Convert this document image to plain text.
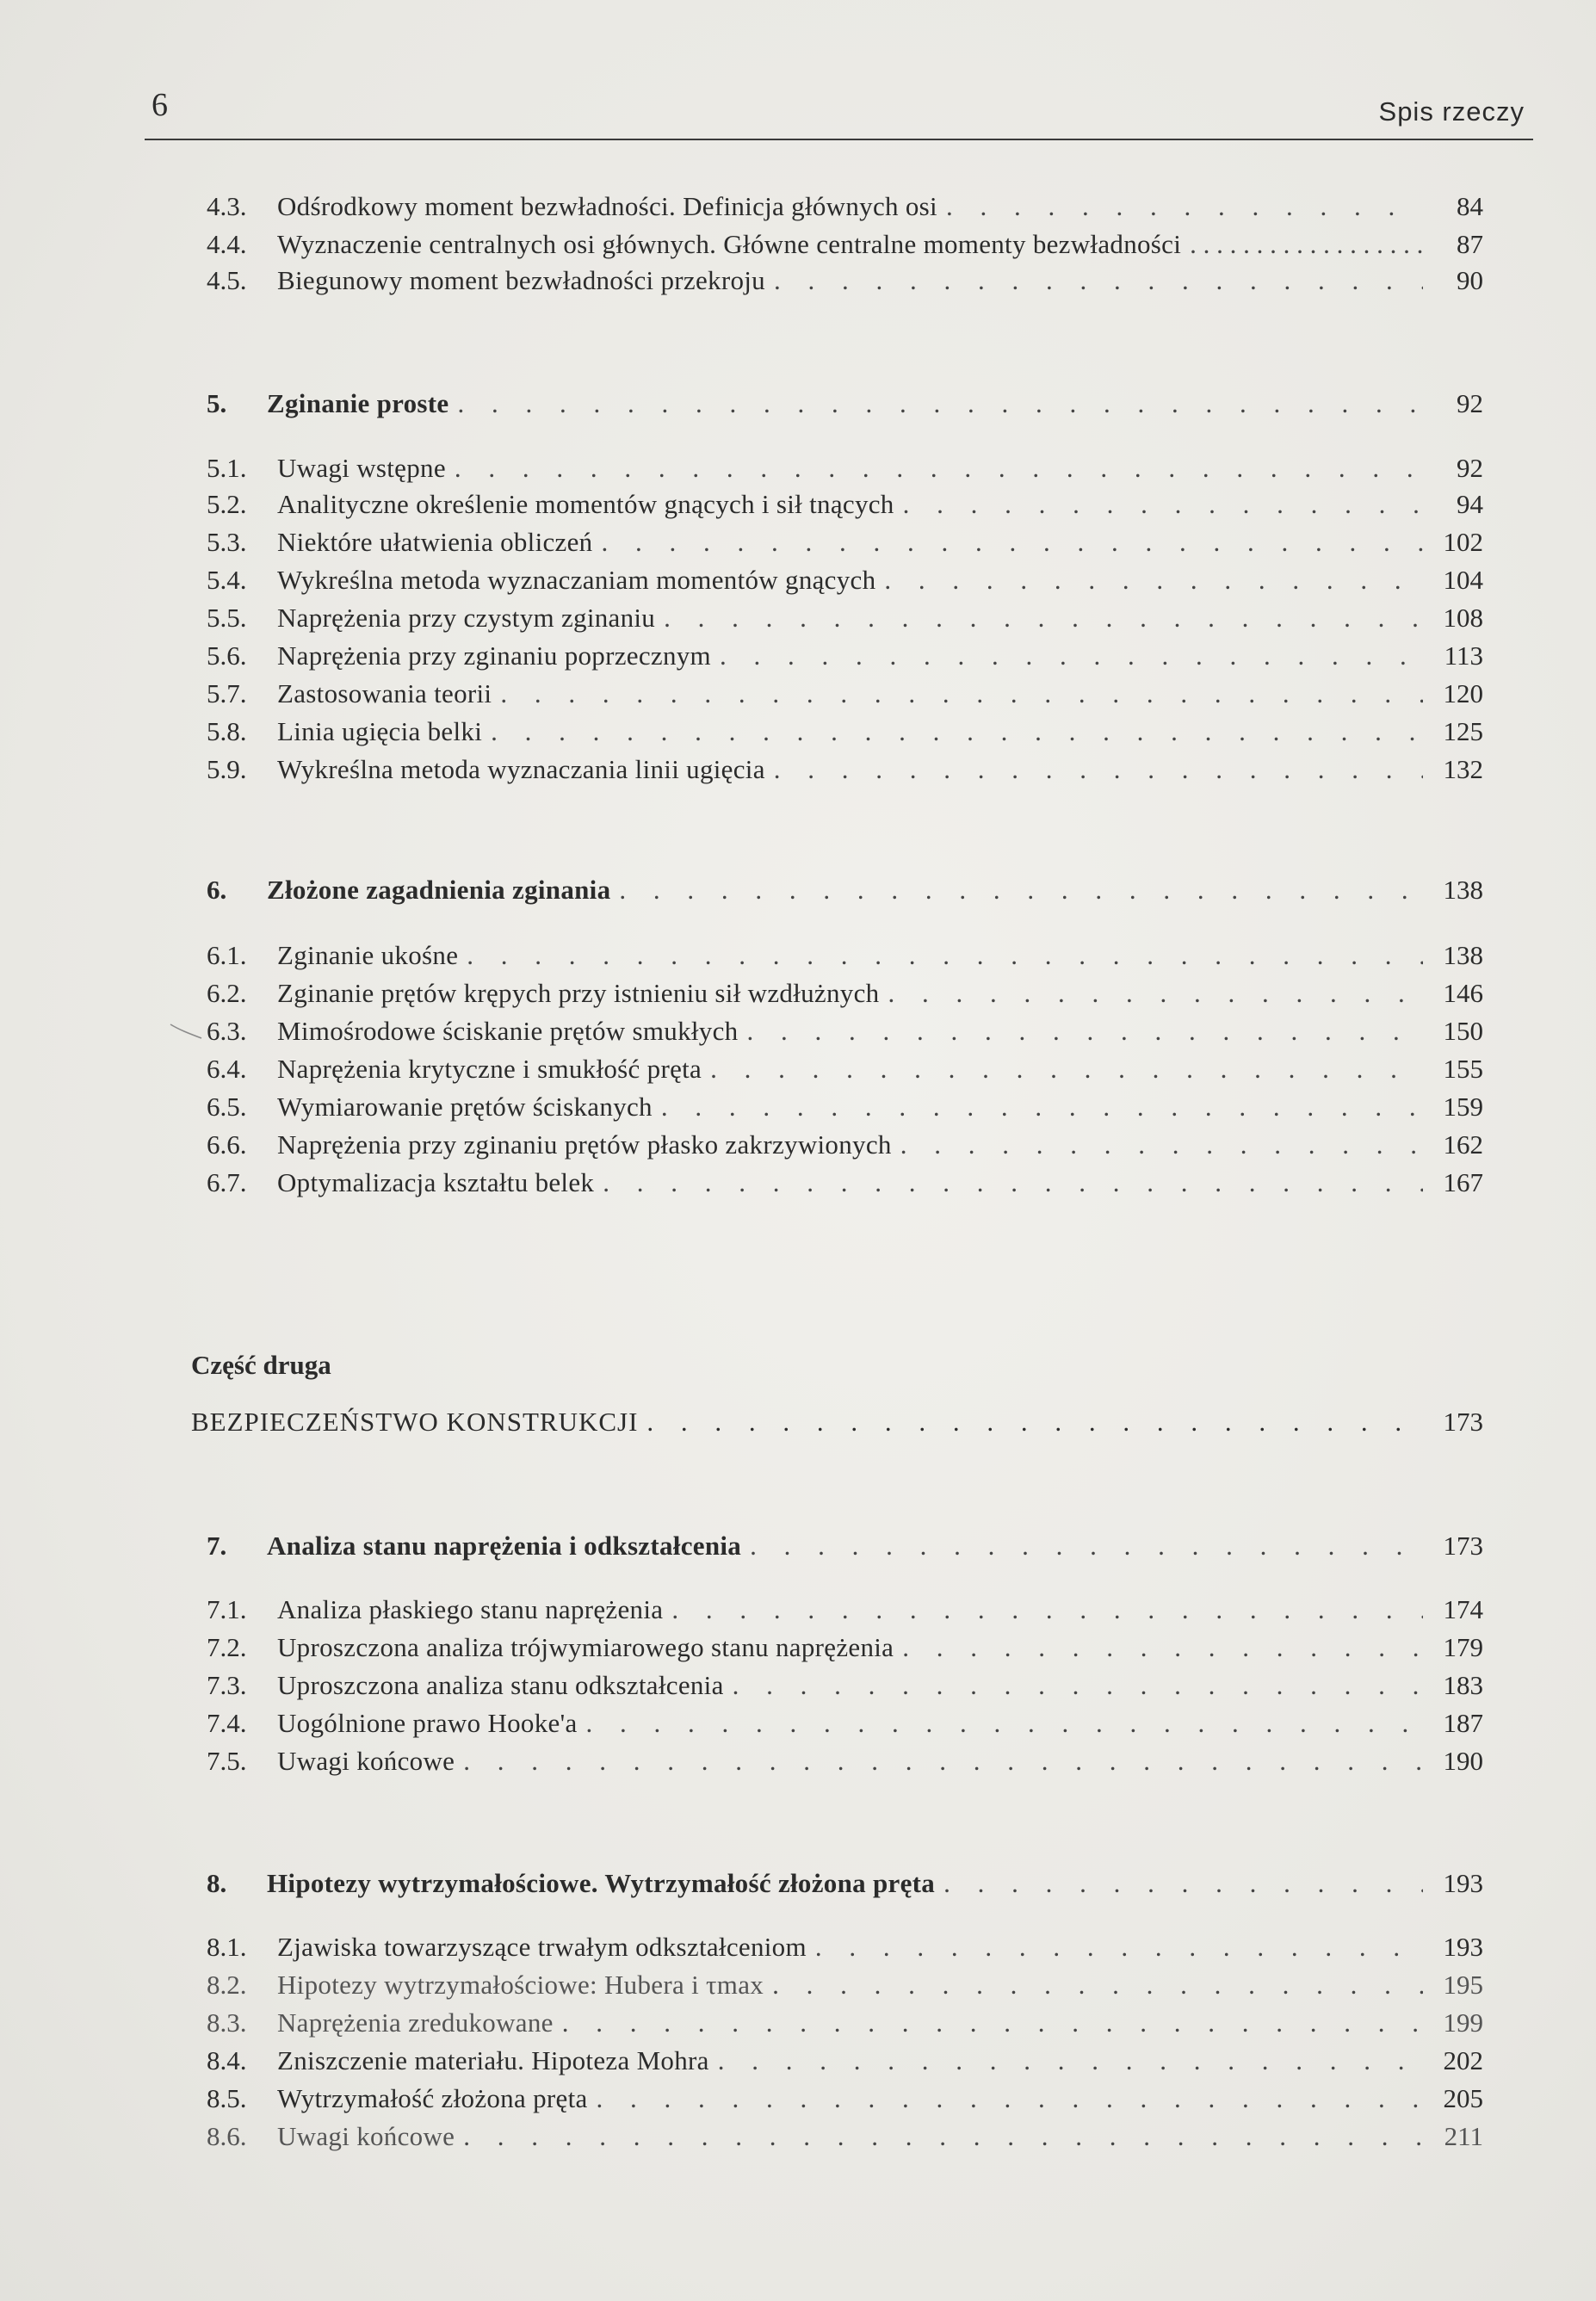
6	Spis rzeczy
4.3.	Odśrodkowy moment bezwładności. Definicja głównych osi . . .	84
4.4.	Wyznaczenie centralnych osi głównych. Główne centralne momenty bezwładności . . .	87
4.5.	Biegunowy moment bezwładności przekroju . . .	90
5.	Zginanie proste . . .	92
5.1.	Uwagi wstępne . . .	92
5.2.	Analityczne określenie momentów gnących i sił tnących . . .	94
5.3.	Niektóre ułatwienia obliczeń . . .	102
5.4.	Wykreślna metoda wyznaczaniam momentów gnących . . .	104
5.5.	Naprężenia przy czystym zginaniu . . .	108
5.6.	Naprężenia przy zginaniu poprzecznym . . .	113
5.7.	Zastosowania teorii . . .	120
5.8.	Linia ugięcia belki . . .	125
5.9.	Wykreślna metoda wyznaczania linii ugięcia . . .	132
6.	Złożone zagadnienia zginania . . .	138
6.1.	Zginanie ukośne . . .	138
6.2.	Zginanie prętów krępych przy istnieniu sił wzdłużnych . . .	146
6.3.	Mimośrodowe ściskanie prętów smukłych . . .	150
6.4.	Naprężenia krytyczne i smukłość pręta . . .	155
6.5.	Wymiarowanie prętów ściskanych . . .	159
6.6.	Naprężenia przy zginaniu prętów płasko zakrzywionych . . .	162
6.7.	Optymalizacja kształtu belek . . .	167
Część druga
BEZPIECZEŃSTWO KONSTRUKCJI . . .	173
7.	Analiza stanu naprężenia i odkształcenia . . .	173
7.1.	Analiza płaskiego stanu naprężenia . . .	174
7.2.	Uproszczona analiza trójwymiarowego stanu naprężenia . . .	179
7.3.	Uproszczona analiza stanu odkształcenia . . .	183
7.4.	Uogólnione prawo Hooke'a . . .	187
7.5.	Uwagi końcowe . . .	190
8.	Hipotezy wytrzymałościowe. Wytrzymałość złożona pręta . . .	193
8.1.	Zjawiska towarzyszące trwałym odkształceniom . . .	193
8.2.	Hipotezy wytrzymałościowe: Hubera i τmax . . .	195
8.3.	Naprężenia zredukowane . . .	199
8.4.	Zniszczenie materiału. Hipoteza Mohra . . .	202
8.5.	Wytrzymałość złożona pręta . . .	205
8.6.	Uwagi końcowe . . .	211
